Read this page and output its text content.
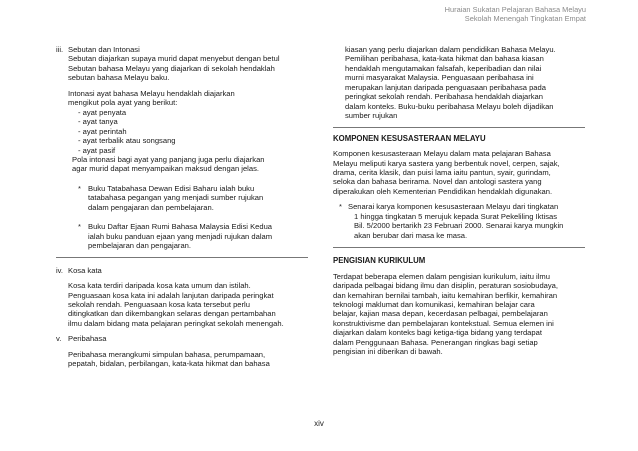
Huraian Sukatan Pelajaran Bahasa Melayu
Sekolah Menengah Tingkatan Empat
iii. Sebutan dan Intonasi

Sebutan diajarkan supaya murid dapat menyebut dengan betul

Sebutan bahasa Melayu yang diajarkan di sekolah hendaklah

sebutan bahasa Melayu baku.

Intonasi ayat bahasa Melayu hendaklah diajarkan

mengikut pola ayat yang berikut:

- ayat penyata

- ayat tanya

- ayat perintah

- ayat terbalik atau songsang

- ayat pasif

Pola intonasi bagi ayat yang panjang juga perlu diajarkan

agar murid dapat menyampaikan maksud dengan jelas.

* Buku Tatabahasa Dewan Edisi Baharu ialah buku

tatabahasa pegangan yang menjadi sumber rujukan

dalam pengajaran dan pembelajaran.

* Buku Daftar Ejaan Rumi Bahasa Malaysia Edisi Kedua

ialah buku panduan ejaan yang menjadi rujukan dalam

pembelajaran dan pengajaran.

iv. Kosa kata

Kosa kata terdiri daripada kosa kata umum dan istilah.

Penguasaan kosa kata ini adalah lanjutan daripada peringkat

sekolah rendah. Penguasaan kosa kata tersebut perlu

ditingkatkan dan dikembangkan selaras dengan pertambahan

ilmu dalam bidang mata pelajaran peringkat sekolah menengah.

v. Peribahasa

Peribahasa merangkumi simpulan bahasa, perumpamaan,

pepatah, bidalan, perbilangan, kata-kata hikmat dan bahasa

kiasan yang perlu diajarkan dalam pendidikan Bahasa Melayu.

Pemilihan peribahasa, kata-kata hikmat dan bahasa kiasan

hendaklah mengutamakan falsafah, keperibadian dan nilai

murni masyarakat Malaysia. Penguasaan peribahasa ini

merupakan lanjutan daripada penguasaan peribahasa pada

peringkat sekolah rendah. Peribahasa hendaklah diajarkan

dalam konteks. Buku-buku peribahasa Melayu boleh dijadikan

sumber rujukan

KOMPONEN KESUSASTERAAN MELAYU

Komponen kesusasteraan Melayu dalam mata pelajaran Bahasa

Melayu meliputi karya sastera yang berbentuk novel, cerpen, sajak,

drama, cerita klasik, dan puisi lama iaitu pantun, syair, gurindam,

seloka dan bahasa berirama. Novel dan antologi sastera yang

diperakukan oleh Kementerian Pendidikan hendaklah digunakan.

* Senarai karya komponen kesusasteraan Melayu dari tingkatan

1 hingga tingkatan 5 merujuk kepada Surat Pekeliling Iktisas

Bil. 5/2000 bertarikh 23 Februari 2000. Senarai karya mungkin

akan berubar dari masa ke masa.

PENGISIAN KURIKULUM

Terdapat beberapa elemen dalam pengisian kurikulum, iaitu ilmu

daripada pelbagai bidang ilmu dan disiplin, peraturan sosiobudaya,

dan kemahiran bernilai tambah, iaitu kemahiran berfikir, kemahiran

teknologi maklumat dan komunikasi, kemahiran belajar cara

belajar, kajian masa depan, kecerdasan pelbagai, pembelajaran

konstruktivisme dan pembelajaran kontekstual. Semua elemen ini

diajarkan dalam konteks bagi ketiga-tiga bidang yang terdapat

dalam Penggunaan Bahasa. Penerangan ringkas bagi setiap

pengisian ini diberikan di bawah.

xiv
